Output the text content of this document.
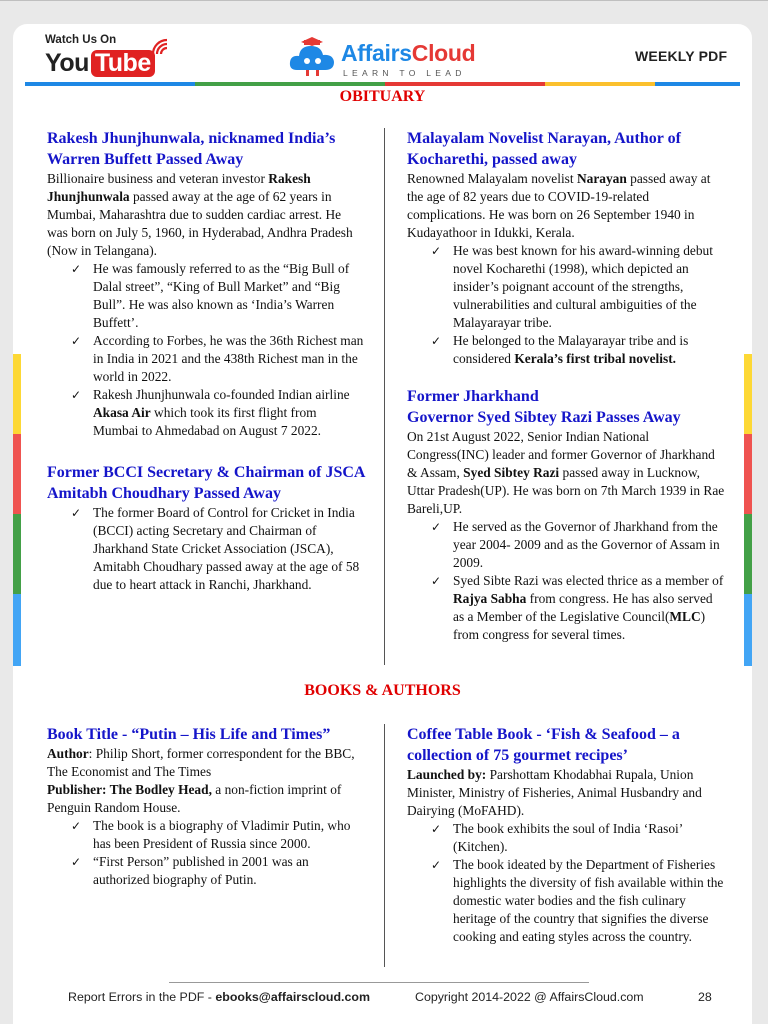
Watch Us On
You Tube	AffairsCloud
LEARN TO LEAD
WEEKLY PDF
OBITUARY
Rakesh Jhunjhunwala, nicknamed India’s Warren Buffett Passed Away

Billionaire business and veteran investor Rakesh Jhunjhunwala passed away at the age of 62 years in Mumbai, Maharashtra due to sudden cardiac arrest. He was born on July 5, 1960, in Hyderabad, Andhra Pradesh (Now in Telangana).

✓ He was famously referred to as the “Big Bull of Dalal street”, “King of Bull Market” and “Big Bull”. He was also known as ‘India’s Warren Buffett’.
✓ According to Forbes, he was the 36th Richest man in India in 2021 and the 438th Richest man in the world in 2022.
✓ Rakesh Jhunjhunwala co-founded Indian airline Akasa Air which took its first flight from Mumbai to Ahmedabad on August 7 2022.
Former BCCI Secretary & Chairman of JSCA Amitabh Choudhary Passed Away
✓ The former Board of Control for Cricket in India (BCCI) acting Secretary and Chairman of Jharkhand State Cricket Association (JSCA), Amitabh Choudhary passed away at the age of 58 due to heart attack in Ranchi, Jharkhand.
Malayalam Novelist Narayan, Author of Kocharethi, passed away

Renowned Malayalam novelist Narayan passed away at the age of 82 years due to COVID-19-related complications. He was born on 26 September 1940 in Kudayathoor in Idukki, Kerala.

✓ He was best known for his award-winning debut novel Kocharethi (1998), which depicted an insider’s poignant account of the strengths, vulnerabilities and cultural ambiguities of the Malayarayar tribe.
✓ He belonged to the Malayarayar tribe and is considered Kerala’s first tribal novelist.
Former Jharkhand
Governor Syed Sibtey Razi Passes Away

On 21st August 2022, Senior Indian National Congress(INC) leader and former Governor of Jharkhand & Assam, Syed Sibtey Razi passed away in Lucknow, Uttar Pradesh(UP). He was born on 7th March 1939 in Rae Bareli,UP.

✓ He served as the Governor of Jharkhand from the year 2004- 2009 and as the Governor of Assam in 2009.
✓ Syed Sibte Razi was elected thrice as a member of Rajya Sabha from congress. He has also served as a Member of the Legislative Council(MLC) from congress for several times.
BOOKS & AUTHORS
Book Title - “Putin – His Life and Times”

Author: Philip Short, former correspondent for the BBC, The Economist and The Times

Publisher: The Bodley Head, a non-fiction imprint of Penguin Random House.

✓ The book is a biography of Vladimir Putin, who has been President of Russia since 2000.
✓ “First Person” published in 2001 was an authorized biography of Putin.
Coffee Table Book - ‘Fish & Seafood – a collection of 75 gourmet recipes’

Launched by: Parshottam Khodabhai Rupala, Union Minister, Ministry of Fisheries, Animal Husbandry and Dairying (MoFAHD).

✓ The book exhibits the soul of India ‘Rasoi’ (Kitchen).
✓ The book ideated by the Department of Fisheries highlights the diversity of fish available within the domestic water bodies and the fish culinary heritage of the country that signifies the diverse cooking and eating styles across the country.
Report Errors in the PDF - ebooks@affairscloud.com	Copyright 2014-2022 @ AffairsCloud.com	28
